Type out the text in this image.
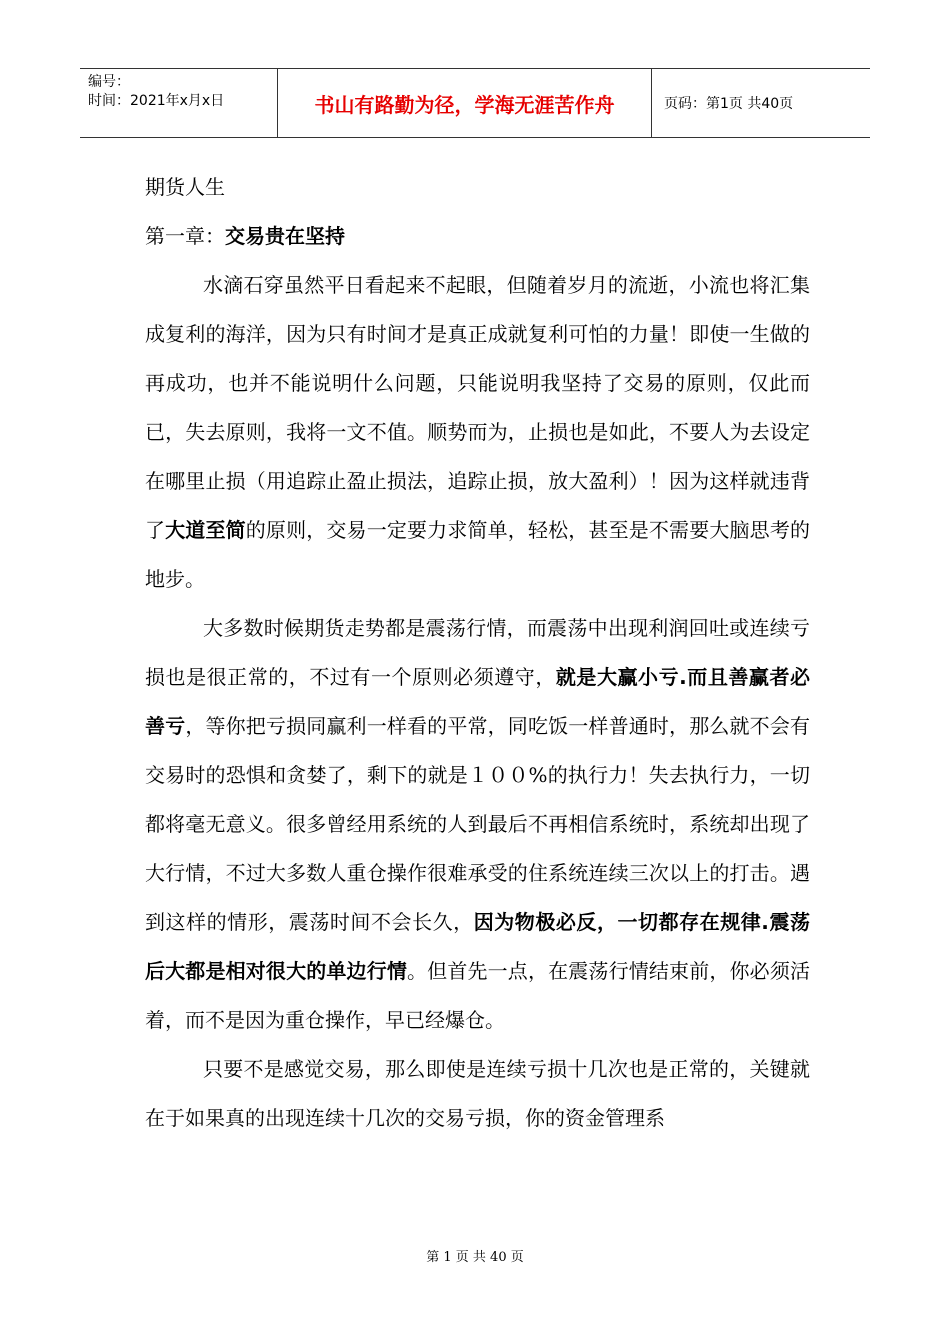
编号：
时间：2021年x月x日	书山有路勤为径，学海无涯苦作舟	页码：第1页 共40页

期货人生

第一章：交易贵在坚持

水滴石穿虽然平日看起来不起眼，但随着岁月的流逝，小流也将汇集成复利的海洋，因为只有时间才是真正成就复利可怕的力量！即使一生做的再成功，也并不能说明什么问题，只能说明我坚持了交易的原则，仅此而已，失去原则，我将一文不值。顺势而为，止损也是如此，不要人为去设定在哪里止损（用追踪止盈止损法，追踪止损，放大盈利）！因为这样就违背了大道至简的原则，交易一定要力求简单，轻松，甚至是不需要大脑思考的地步。

大多数时候期货走势都是震荡行情，而震荡中出现利润回吐或连续亏损也是很正常的，不过有一个原则必须遵守，就是大赢小亏.而且善赢者必善亏，等你把亏损同赢利一样看的平常，同吃饭一样普通时，那么就不会有交易时的恐惧和贪婪了，剩下的就是１００%的执行力！失去执行力，一切都将毫无意义。很多曾经用系统的人到最后不再相信系统时，系统却出现了大行情，不过大多数人重仓操作很难承受的住系统连续三次以上的打击。遇到这样的情形，震荡时间不会长久，因为物极必反，一切都存在规律.震荡后大都是相对很大的单边行情。但首先一点，在震荡行情结束前，你必须活着，而不是因为重仓操作，早已经爆仓。

只要不是感觉交易，那么即使是连续亏损十几次也是正常的，关键就在于如果真的出现连续十几次的交易亏损，你的资金管理系

第 1 页 共 40 页
